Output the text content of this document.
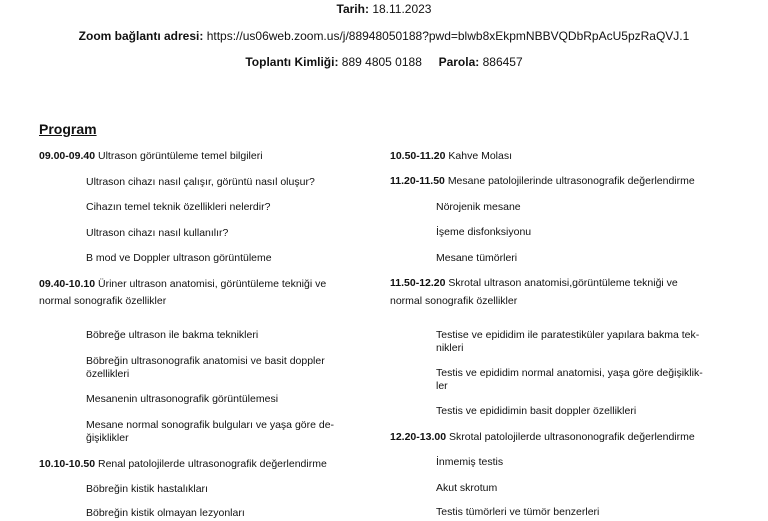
Tarih: 18.11.2023
Zoom bağlantı adresi: https://us06web.zoom.us/j/88948050188?pwd=blwb8xEkpmNBBVQDbRpAcU5pzRaQVJ.1
Toplantı Kimliği: 889 4805 0188 Parola: 886457
Program
09.00-09.40 Ultrason görüntüleme temel bilgileri
Ultrason cihazı nasıl çalışır, görüntü nasıl oluşur?
Cihazın temel teknik özellikleri nelerdir?
Ultrason cihazı nasıl kullanılır?
B mod ve Doppler ultrason görüntüleme
09.40-10.10 Üriner ultrason anatomisi, görüntüleme tekniği ve
normal sonografik özellikler
Böbreğe ultrason ile bakma teknikleri
Böbreğin ultrasonografik anatomisi ve basit doppler
özellikleri
Mesanenin ultrasonografik görüntülemesi
Mesane normal sonografik bulguları ve yaşa göre de-
ğişiklikler
10.10-10.50 Renal patolojilerde ultrasonografik değerlendirme
Böbreğin kistik hastalıkları
Böbreğin kistik olmayan lezyonları
10.50-11.20 Kahve Molası
11.20-11.50 Mesane patolojilerinde ultrasonografik değerlendirme
Nörojenik mesane
İşeme disfonksiyonu
Mesane tümörleri
11.50-12.20 Skrotal ultrason anatomisi,görüntüleme tekniği ve
normal sonografik özellikler
Testise ve epididim ile paratestiküler yapılara bakma tek-
nikleri
Testis ve epididim normal anatomisi, yaşa göre değişiklik-
ler
Testis ve epididimin basit doppler özellikleri
12.20-13.00 Skrotal patolojilerde ultrasononografik değerlendirme
İnmemiş testis
Akut skrotum
Testis tümörleri ve tümör benzerleri
